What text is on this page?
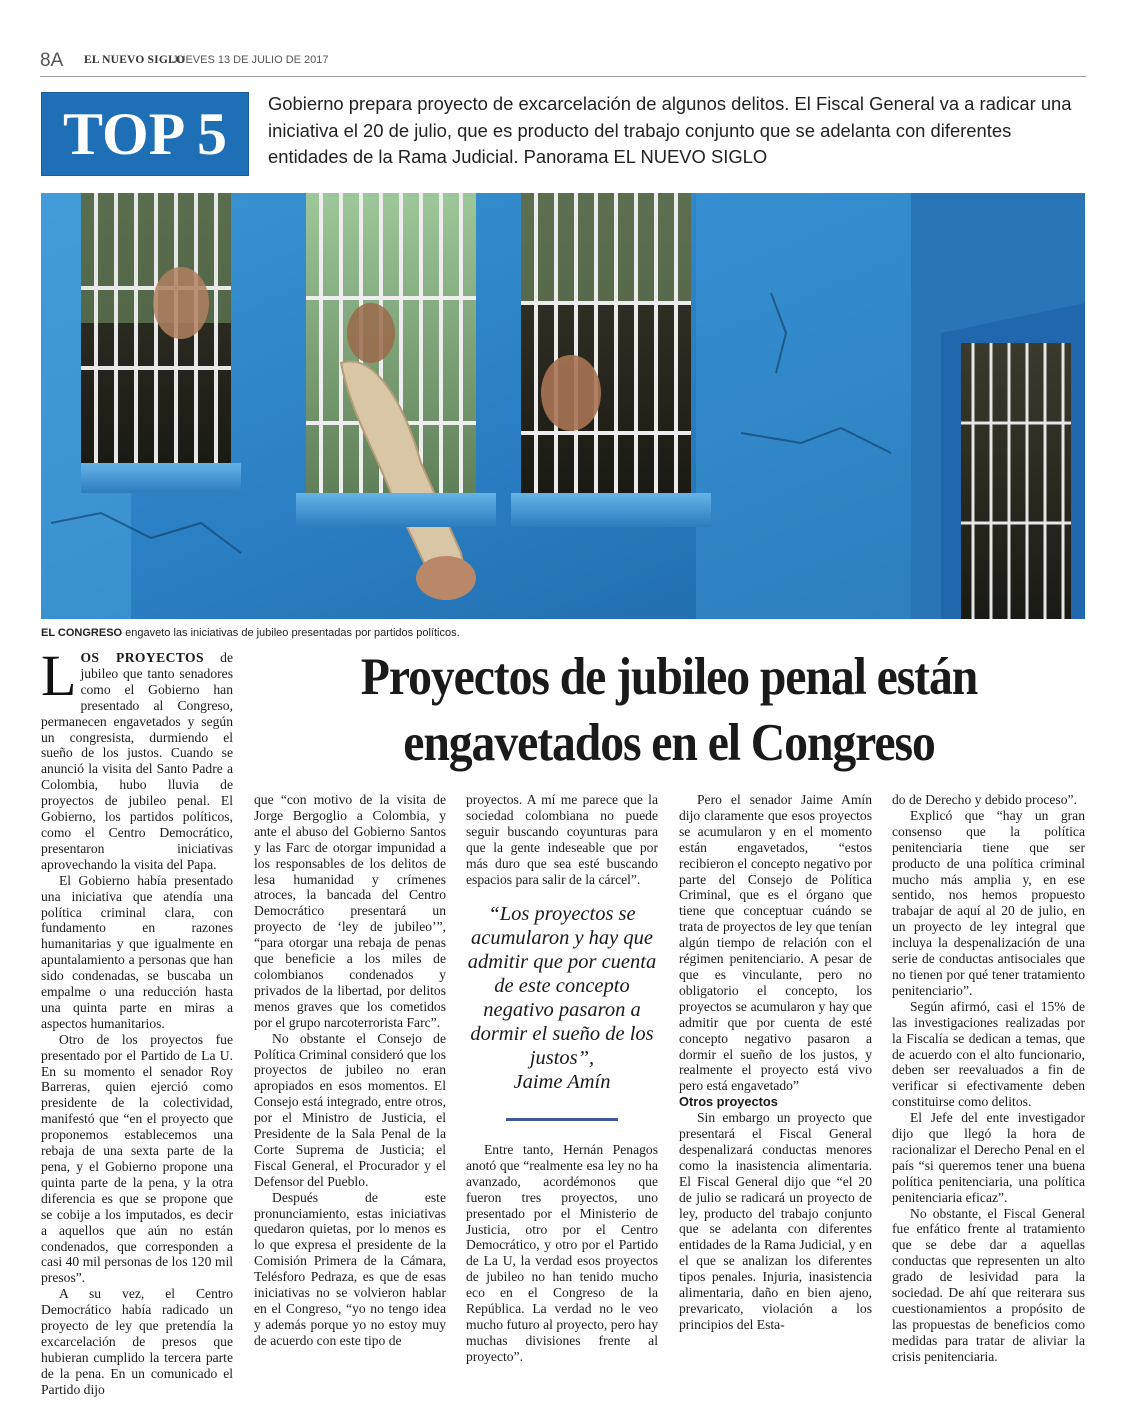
8A EL NUEVO SIGLO
JUEVES 13 DE JULIO DE 2017
TOP 5	Gobierno prepara proyecto de excarcelación de algunos delitos. El Fiscal General va a radicar una iniciativa el 20 de julio, que es producto del trabajo conjunto que se adelanta con diferentes entidades de la Rama Judicial. Panorama EL NUEVO SIGLO
EL CONGRESO engaveto las iniciativas de jubileo presentadas por partidos políticos.
Proyectos de jubileo penal están
engavetados en el Congreso

LOS PROYECTOS de jubileo que tanto senadores como el Gobierno han presentado al Congreso, permanecen engavetados y según un congresista, durmiendo el sueño de los justos. Cuando se anunció la visita del Santo Padre a Colombia, hubo lluvia de proyectos de jubileo penal. El Gobierno, los partidos políticos, como el Centro Democrático, presentaron iniciativas aprovechando la visita del Papa.

El Gobierno había presentado una iniciativa que atendía una política criminal clara, con fundamento en razones humanitarias y que igualmente en apuntalamiento a personas que han sido condenadas, se buscaba un empalme o una reducción hasta una quinta parte en miras a aspectos humanitarios.

Otro de los proyectos fue presentado por el Partido de La U. En su momento el senador Roy Barreras, quien ejerció como presidente de la colectividad, manifestó que “en el proyecto que proponemos establecemos una rebaja de una sexta parte de la pena, y el Gobierno propone una quinta parte de la pena, y la otra diferencia es que se propone que se cobije a los imputados, es decir a aquellos que aún no están condenados, que corresponden a casi 40 mil personas de los 120 mil presos”.

A su vez, el Centro Democrático había radicado un proyecto de ley que pretendía la excarcelación de presos que hubieran cumplido la tercera parte de la pena. En un comunicado el Partido dijo

que “con motivo de la visita de Jorge Bergoglio a Colombia, y ante el abuso del Gobierno Santos y las Farc de otorgar impunidad a los responsables de los delitos de lesa humanidad y crímenes atroces, la bancada del Centro Democrático presentará un proyecto de ‘ley de jubileo’”, “para otorgar una rebaja de penas que beneficie a los miles de colombianos condenados y privados de la libertad, por delitos menos graves que los cometidos por el grupo narcoterrorista Farc”.

No obstante el Consejo de Política Criminal consideró que los proyectos de jubileo no eran apropiados en esos momentos. El Consejo está integrado, entre otros, por el Ministro de Justicia, el Presidente de la Sala Penal de la Corte Suprema de Justicia; el Fiscal General, el Procurador y el Defensor del Pueblo.

Después de este pronunciamiento, estas iniciativas quedaron quietas, por lo menos es lo que expresa el presidente de la Comisión Primera de la Cámara, Telésforo Pedraza, es que de esas iniciativas no se volvieron hablar en el Congreso, “yo no tengo idea y además porque yo no estoy muy de acuerdo con este tipo de

proyectos. A mí me parece que la sociedad colombiana no puede seguir buscando coyunturas para que la gente indeseable que por más duro que sea esté buscando espacios para salir de la cárcel”.

“Los proyectos se acumularon y hay que admitir que por cuenta de este concepto negativo pasaron a dormir el sueño de los justos”,
Jaime Amín

Entre tanto, Hernán Penagos anotó que “realmente esa ley no ha avanzado, acordémonos que fueron tres proyectos, uno presentado por el Ministerio de Justicia, otro por el Centro Democrático, y otro por el Partido de La U, la verdad esos proyectos de jubileo no han tenido mucho eco en el Congreso de la República. La verdad no le veo mucho futuro al proyecto, pero hay muchas divisiones frente al proyecto”.

Pero el senador Jaime Amín dijo claramente que esos proyectos se acumularon y en el momento están engavetados, “estos recibieron el concepto negativo por parte del Consejo de Política Criminal, que es el órgano que tiene que conceptuar cuándo se trata de proyectos de ley que tenían algún tiempo de relación con el régimen penitenciario. A pesar de que es vinculante, pero no obligatorio el concepto, los proyectos se acumularon y hay que admitir que por cuenta de esté concepto negativo pasaron a dormir el sueño de los justos, y realmente el proyecto está vivo pero está engavetado”

Otros proyectos

Sin embargo un proyecto que presentará el Fiscal General despenalizará conductas menores como la inasistencia alimentaria. El Fiscal General dijo que “el 20 de julio se radicará un proyecto de ley, producto del trabajo conjunto que se adelanta con diferentes entidades de la Rama Judicial, y en el que se analizan los diferentes tipos penales. Injuria, inasistencia alimentaria, daño en bien ajeno, prevaricato, violación a los principios del Esta-

do de Derecho y debido proceso”.

Explicó que “hay un gran consenso que la política penitenciaria tiene que ser producto de una política criminal mucho más amplia y, en ese sentido, nos hemos propuesto trabajar de aquí al 20 de julio, en un proyecto de ley integral que incluya la despenalización de una serie de conductas antisociales que no tienen por qué tener tratamiento penitenciario”.

Según afirmó, casi el 15% de las investigaciones realizadas por la Fiscalía se dedican a temas, que de acuerdo con el alto funcionario, deben ser reevaluados a fin de verificar si efectivamente deben constituirse como delitos.

El Jefe del ente investigador dijo que llegó la hora de racionalizar el Derecho Penal en el país “si queremos tener una buena política penitenciaria, una política penitenciaria eficaz”.

No obstante, el Fiscal General fue enfático frente al tratamiento que se debe dar a aquellas conductas que representen un alto grado de lesividad para la sociedad. De ahí que reiterara sus cuestionamientos a propósito de las propuestas de beneficios como medidas para tratar de aliviar la crisis penitenciaria.
